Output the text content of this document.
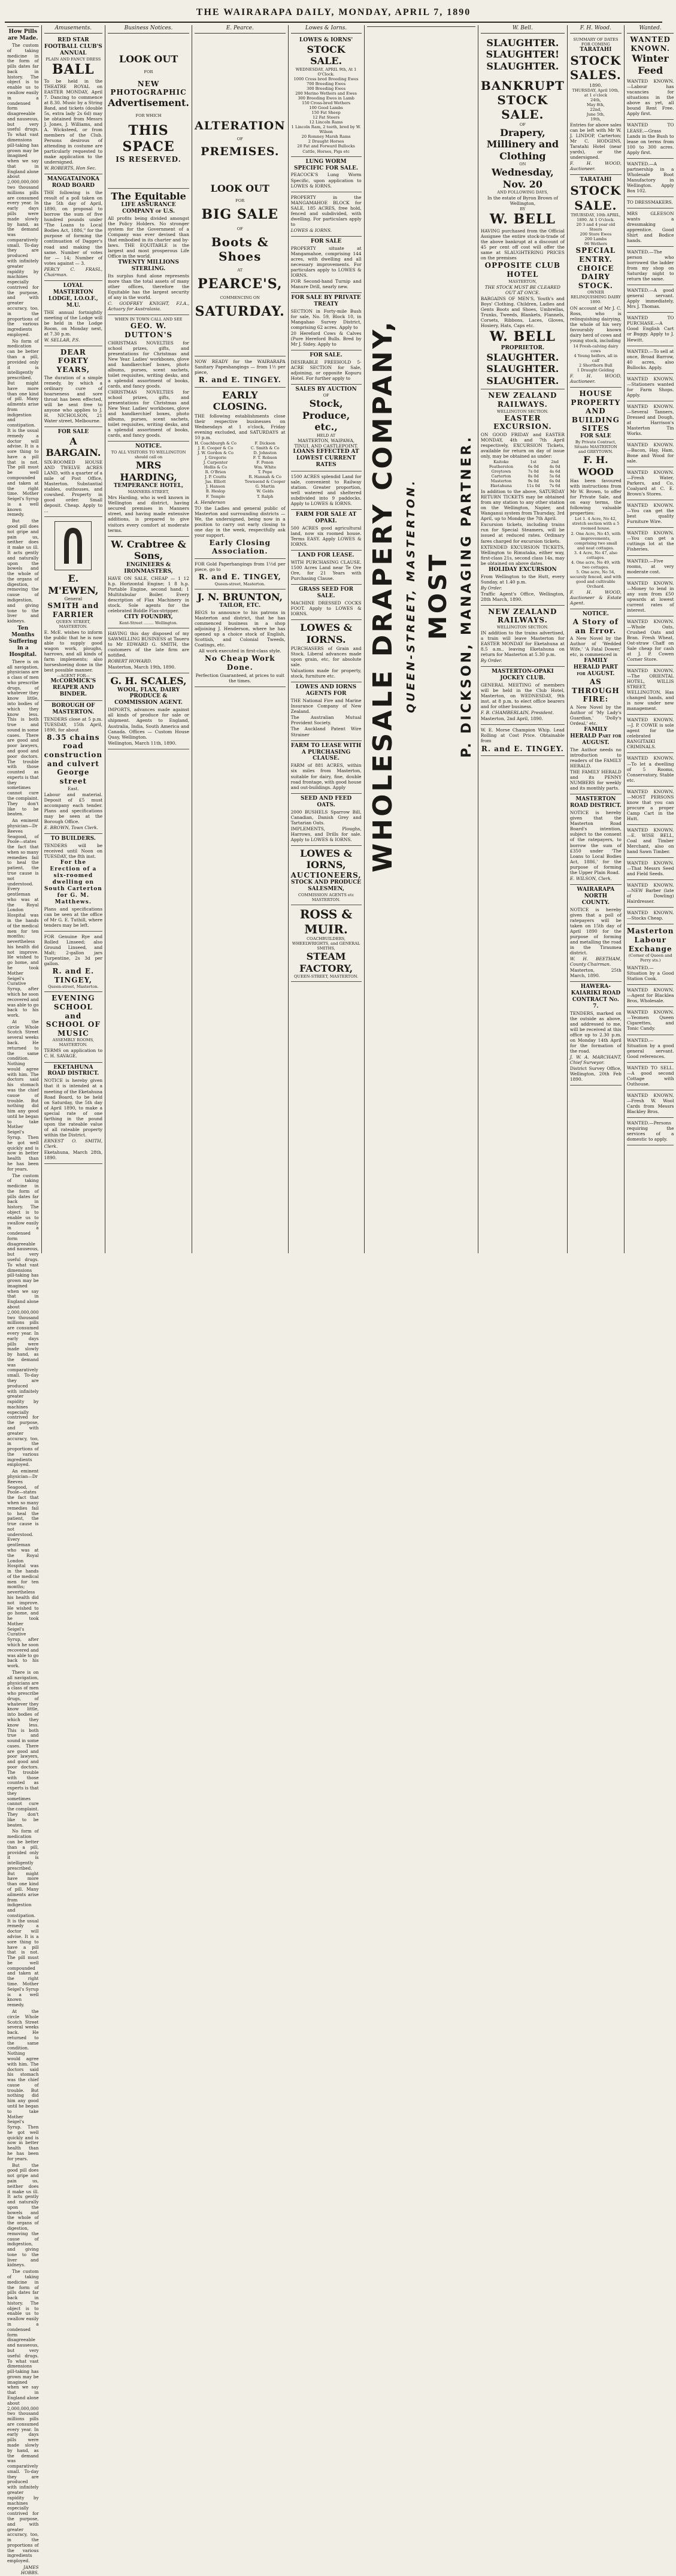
THE WAIRARAPA DAILY, MONDAY, APRIL 7, 1890
How Pills are Made.

The custom of taking medicine in the form of pills dates far back in history. The object is to enable us to swallow easily in a condensed form disagreeable and nauseous, but very useful drugs. To what vast dimensions pill-taking has grown may be imagined when we say that in England alone about 2,000,000,000 two thousand millions pills are consumed every year. In early days pills were made slowly by hand, as the demand was comparatively small. To-day they are produced with infinitely greater rapidity by machines especially contrived for the purpose, and with greater accuracy, too, in the proportions of the various ingredients employed.

No form of medication can be better than a pill, provided only it is intelligently prescribed. But might have more than one kind of pill. Many ailments arise from indigestion and constipation. It is the usual remedy a doctor will advise. It is a sore thing to have a pill that is not. The pill must be well compounded and taken at the right time. Mother Seigel's Syrup is a well known remedy.

But the good pill does not gripe and pain us, neither does it make us ill. It acts gently and naturally upon the bowels and the whole of the organs of digestion, removing the cause of indigestion, and giving tone to the liver and kidneys.

Ten Months Suffering in a Hospital.

There is on all navigation, physicians are a class of men who prescribe drugs, of whatever they know little, into bodies of which they know less. This is both true and sound in some cases. There are good and poor lawyers, and good and poor doctors. The trouble with those counted as experts is that they sometimes cannot cure the complaint. They don't like to be beaten.

An eminent physician—Dr Reeves Seagood, of Poole—states the fact that when so many remedies fail to heal the patient, the true cause is not understood. Every gentleman who was at the Royal London Hospital was in the hands of the medical men for ten months; nevertheless his health did not improve. He wished to go home, and he took Mother Seigel's Curative Syrup, after which he soon recovered and was able to go back to his work.

At the circle Whole Scotch Street several weeks back. He returned to the same condition. Nothing would agree with him. The doctors said his stomach was the chief cause of trouble. But nothing did him any good until he began to take Mother Seigel's Syrup. Then he got well quickly and is now in better health than he has been for years.

The custom of taking medicine in the form of pills dates far back in history. The object is to enable us to swallow easily in a condensed form disagreeable and nauseous, but very useful drugs. To what vast dimensions pill-taking has grown may be imagined when we say that in England alone about 2,000,000,000 two thousand millions pills are consumed every year. In early days pills were made slowly by hand, as the demand was comparatively small. To-day they are produced with infinitely greater rapidity by machines especially contrived for the purpose, and with greater accuracy, too, in the proportions of the various ingredients employed.

An eminent physician—Dr Reeves Seagood, of Poole—states the fact that when so many remedies fail to heal the patient, the true cause is not understood. Every gentleman who was at the Royal London Hospital was in the hands of the medical men for ten months; nevertheless his health did not improve. He wished to go home, and he took Mother Seigel's Curative Syrup, after which he soon recovered and was able to go back to his work.

There is on all navigation, physicians are a class of men who prescribe drugs, of whatever they know little, into bodies of which they know less. This is both true and sound in some cases. There are good and poor lawyers, and good and poor doctors. The trouble with those counted as experts is that they sometimes cannot cure the complaint. They don't like to be beaten.

No form of medication can be better than a pill, provided only it is intelligently prescribed. But might have more than one kind of pill. Many ailments arise from indigestion and constipation. It is the usual remedy a doctor will advise. It is a sore thing to have a pill that is not. The pill must be well compounded and taken at the right time. Mother Seigel's Syrup is a well known remedy.

At the circle Whole Scotch Street several weeks back. He returned to the same condition. Nothing would agree with him. The doctors said his stomach was the chief cause of trouble. But nothing did him any good until he began to take Mother Seigel's Syrup. Then he got well quickly and is now in better health than he has been for years.

But the good pill does not gripe and pain us, neither does it make us ill. It acts gently and naturally upon the bowels and the whole of the organs of digestion, removing the cause of indigestion, and giving tone to the liver and kidneys.

The custom of taking medicine in the form of pills dates far back in history. The object is to enable us to swallow easily in a condensed form disagreeable and nauseous, but very useful drugs. To what vast dimensions pill-taking has grown may be imagined when we say that in England alone about 2,000,000,000 two thousand millions pills are consumed every year. In early days pills were made slowly by hand, as the demand was comparatively small. To-day they are produced with infinitely greater rapidity by machines especially contrived for the purpose, and with greater accuracy, too, in the proportions of the various ingredients employed.

JAMES HOBBS.

Amusements.
RED STAR FOOTBALL CLUB'S ANNUAL
PLAIN AND FANCY DRESS
BALL

To be held in the THEATRE ROYAL on EASTER MONDAY, April 7. Dancing to commence at 8.30. Music by a String Band, and tickets (double 5s, extra lady 2s 6d) may be obtained from Messrs J. Jones, J. Williams, and A. Wicksteed, or from members of the Club. Persons desirous of attending in costume are particularly requested to make application to the undersigned.

W. ROBERTS, Hon Sec.

MANGATAINOKA ROAD BOARD

THE following is the result of a poll taken on the 5th day of April, 1890, on proposal to borrow the sum of five hundred pounds under "The Loans to Local Bodies Act, 1886," for the purpose of forming the continuation of Dagger's road and making the same. Number of votes for — 14; Number of votes against — 3.

PERCY C. FRASL, Chairman.

LOYAL MASTERTON LODGE, I.O.O.F., M.U.

THE annual fortnightly meeting of the Lodge will be held in the Lodge Room, on Monday next, at 7.30 p.m.

W. SELLAR, P.S.

DEAR FORTY YEARS,

The duration of a simple remedy, by which a ordinary cure of hoarseness and sore throat has been effected, will be sent free to anyone who applies to J. H. NICHOLSON, 21 Water street, Melbourne.

FOR SALE
A BARGAIN.

SIX-ROOMED HOUSE AND TWELVE ACRES LAND, with a quarter of a mile of Post Office, Masterton. Substantial stables, outhouses, and cowshed. Property in good order. Small deposit. Cheap. Apply to ...

E. M'EWEN,
General
SMITH and FARRIER
QUEEN STREET, MASTERTON.

E. McE. wishes to inform the public that he is now able to supply good wagon work, ploughs, harrows, and all kinds of farm implements; also horseshoeing done in the best possible manner.

—AGENT FOR—
McCORMICK'S REAPER AND BINDER.
BOROUGH OF MASTERTON.

TENDERS close at 5 p.m. TUESDAY, 15th April, 1890, for about

8.35 chains road construction and culvert George street
East.

Labour and material. Deposit of £5 must accompany each tender. Plans and specifications may be seen at the Borough Office.

E. BROWN, Town Clerk.

TO BUILDERS.

TENDERS will be received until Noon on TUESDAY, the 8th inst.

For the Erection of a six-roomed dwelling on South Carterton for G. M. Matthews.

Plans and specifications can be seen at the office of Mr G. E. Tuthill, where tenders may be left.

FOR Genuine Rye and Rolled Linseed; also Ground Linseed, and Malt; 2-gallon jars Turpentine, 2s 3d per gallon.

R. and E. TINGEY,
Queen-street, Masterton.
EVENING SCHOOL and SCHOOL OF MUSIC
ASSEMBLY ROOMS, MASTERTON.

TERMS on application to C. H. SAVAGE.

EKETAHUNA ROAD DISTRICT.

NOTICE is hereby given that it is intended at a meeting of the Eketahuna Road Board, to be held on Saturday, the 5th day of April 1890, to make a special rate of one farthing in the pound upon the rateable value of all rateable property within the District.

ERNEST O. SMITH, Clerk.

Eketahuna, March 28th, 1890.

Business Notices.
LOOK OUT
FOR
NEW PHOTOGRAPHIC
Advertisement.
FOR WHICH
THIS SPACE
IS RESERVED.
The Equitable
LIFE ASSURANCE COMPANY of U.S.

All profits being divided amongst the Policy Holders. No stronger system for the Government of a Company was ever devised than that embodied in its charter and by-laws. THE EQUITABLE is the largest and most prosperous Life Office in the world.

TWENTY MILLIONS STERLING.

Its surplus fund alone represents more than the total assets of many other offices, therefore the Equitable has the largest security of any in the world.

C. GODFREY KNIGHT, F.I.A., Actuary for Australasia.

WHEN IN TOWN CALL AND SEE
GEO. W. DUTTON'S

CHRISTMAS NOVELTIES for school prizes, gifts, and presentations for Christmas and New Year. Ladies' workboxes, glove and handkerchief boxes, photo albums, purses, scent sachets, toilet requisites, writing desks, and a splendid assortment of books, cards, and fancy goods.

CHRISTMAS NOVELTIES for school prizes, gifts, and presentations for Christmas and New Year. Ladies' workboxes, glove and handkerchief boxes, photo albums, purses, scent sachets, toilet requisites, writing desks, and a splendid assortment of books, cards, and fancy goods.

NOTICE.
TO ALL VISITORS TO WELLINGTON should call on
MRS HARDING,
TEMPERANCE HOTEL,
MANNERS-STREET,

Mrs Harding, who is well known in Wellington and district, having secured premises in Manners street, and having made extensive additions, is prepared to give visitors every comfort at moderate terms.

W. Crabtree & Sons,
ENGINEERS & IRONMASTERS,

HAVE ON SALE, CHEAP — 1 12 h.p. Horizontal Engine; 1 8 h.p. Portable Engine, second hand; 1 Multitubular Boiler. Every description of Flax Machinery in stock. Sole agents for the celebrated Biddle Flax-stripper.

CITY FOUNDRY,
Kent-Street ........ Wellington.

HAVING this day disposed of my SAWMILLING BUSINESS at Taueru to Mr EDWARD G. SMITH, the customers of the late firm are notified.

ROBERT HOWARD.

Masterton, March 19th, 1890.

G. H. SCALES,
WOOL, FLAX, DAIRY PRODUCE & COMMISSION AGENT.

IMPORTS, advances made against all kinds of produce for sale or shipment. Agents to England, Australia, India, South America and Canada. Offices — Custom House Quay, Wellington.

Wellington, March 11th, 1890.

E. Pearce.
ALTERATION
OF
PREMISES.
LOOK OUT
FOR
BIG SALE
OF
Boots & Shoes
AT
PEARCE'S,
COMMENCING ON
SATURDAY.

NOW READY for the WAIRARAPA Sanitary Papeshangings — from 1½ per piece,

R. and E. TINGEY.
EARLY CLOSING.

THE following establishments close their respective businesses on Wednesdays at 1 o'clock, Friday evening excluded, and SATURDAYS at 10 p.m.

H. Coachburgh & Co
J. E. Cooper & Co
J. W. Gordon & Co
J. Gregorie
J. Carpenter
Hollis & Co
R. O'Brien
J. P. Coutts
Jas. Elliott
J. Hanson
B. Heslop
F. Temple
F. Dickson
C. Smith & Co
D. Johnston
F. T. Robson
F. Ponon
Wm. White
T. Pope
R. Hannah & Co
Townsend & Cooper
G. Martin
W. Gelds
T. Ralph

A. Henderson

TO the Ladies and general public of Masterton and surrounding districts — We, the undersigned, being now in a position to carry out early closing to one day in the week, respectfully ask your support.

Early Closing Association.

FOR Gold Paperhangings from 1½d per piece, go to

R. and E. TINGEY,
Queen-street, Masterton.
J. N. BRUNTON,
TAILOR, ETC.

BEGS to announce to his patrons in Masterton and district, that he has commenced business in a shop adjoining J. Henderson, where he has opened up a choice stock of English, Scottish, and Colonial Tweeds, Coatings, etc.

All work executed in first-class style.

No Cheap Work Done.

Perfection Guaranteed, at prices to suit the times.

Lowes & Iorns.
LOWES & IORNS'
STOCK SALE.
WEDNESDAY, APRIL 9th, At 1 O'Clock.
1000 Cross bred Breeding Ewes
700 Breeding Ewes
300 Breeding Ewes
200 Merino Wethers and Ewes
300 Breeding Ewes in Lamb
150 Cross-bred Wethers
100 Good Lambs
150 Fat Sheep
12 Fat Steers
12 Lincoln Rams
1 Lincoln Ram, 2 teeth, bred by W. Wilson
20 Romney Marsh Rams
2 Draught Horses
20 Fat and Forward Bullocks
Cattle, Horses, Pigs etc
LUNG WORM SPECIFIC FOR SALE.

PEACOCK'S Lung Worm Specific, upon application to LOWES & IORNS.

PROPERTY in the MANGAMAHOE BLOCK for SALE, 185 ACRES, free hold, fenced and subdivided, with dwelling. For particulars apply to

LOWES & IORNS.

FOR SALE

PROPERTY situate at Mangamahoe, comprising 144 acres, with dwelling and all necessary improvements. For particulars apply to LOWES & IORNS.

FOR Second-hand Turnip and Manure Drill, nearly new.

FOR SALE BY PRIVATE TREATY

SECTION in Forty-mile Bush for sale, No. 59, Block 10, in Mangahao Survey District, comprising 62 acres. Apply to

20 Hereford Cows & Calves (Pure Hereford Bulls. Bred by Mr J. Sidey. Apply to

FOR SALE.

DESIRABLE FREEHOLD 5-ACRE SECTION for Sale, adjoining, or opposite Kopuru Hotel. For further apply to

SALES BY AUCTION
OF
Stock, Produce, etc.,
HELD AT
MASTERTON, WAIPAWA, TINUI, AND CASTLEPOINT.
LOANS EFFECTED AT LOWEST CURRENT RATES

1500 ACRES splendid Land for sale, convenient to Railway station. Greater proportion, well watered and sheltered subdivided into 9 paddocks. Apply to LOWES & IORNS.

FARM FOR SALE AT OPAKI.

500 ACRES good agricultural land, now six roomed house. Terms EASY. Apply LOWES & IORNS.

LAND FOR LEASE.

WITH PURCHASING CLAUSE. 1500 Acres Land near Te Ore Ore, for 21 Years with Purchasing Clause.

GRASS SEED FOR SALE.

MACHINE DRESSED COCKS FOOT. Apply to LOWES & IORNS.

LOWES & IORNS.

PURCHASERS of Grain and Stock. Liberal advances made upon grain, etc, for absolute sale.

Valuations made for property, stock, furniture etc.

LOWES AND IORNS AGENTS FOR

THE National Fire and Marine Insurance Company of New Zealand.

The Australian Mutual Provident Society.

The Auckland Patent Wire Strainer

FARM TO LEASE WITH A PURCHASING CLAUSE.

FARM of 881 ACRES, within six miles from Masterton, suitable for dairy, fine, double road frontage, with good house and out-buildings. Apply

SEED AND FEED OATS.

2000 BUSHELS Sparrow Bill, Canadian, Danish Grey and Tartarian Oats.

IMPLEMENTS, Ploughs, Harrows, and Drills for sale. Apply to LOWES & IORNS.

LOWES & IORNS,
AUCTIONEERS,
STOCK AND PRODUCE SALESMEN,
COMMISSION AGENTS etc MASTERTON.
ROSS & MUIR.
COACHBUILDERS, WHEELWRIGHTS, and GENERAL SMITHS,
STEAM FACTORY,
QUEEN-STREET, MASTERTON.
WHOLESALE DRAPERY COMPANY, QUEEN-STREET, MASTERTON. MOST P. DICKSON, MANAGING PARTNER.
W. Bell.
SLAUGHTER.
SLAUGHTER!
SLAUGHTER.
BANKRUPT
STOCK SALE.
OF
Drapery, Millinery and Clothing
ON
Wednesday, Nov. 20
AND FOLLOWING DAYS,

In the estate of Byron Brown of Wellington,

BY
W. BELL

HAVING purchased from the Official Assignee the entire stock-in-trade of the above bankrupt at a discount of 45 per cent off cost will offer the same at SLAUGHTERING PRICES on the premises

OPPOSITE CLUB HOTEL
MASTERTON,

THE STOCK MUST BE CLEARED OUT AT ONCE.

BARGAINS OF MEN'S, Youth's and Boys' Clothing. Children, Ladies and Gents Boots and Shoes, Umbrellas, Trunks, Tweeds, Blankets, Flannels, Corsets, Ribbons, Laces, Gloves, Hosiery, Hats, Caps etc.

W. BELL
PROPRIETOR.
SLAUGHTER.
SLAUGHTER.
SLAUGHTER.
NEW ZEALAND RAILWAYS.
WELLINGTON SECTION.
EASTER EXCURSION.

ON GOOD FRIDAY and EASTER MONDAY, 4th and 7th April respectively, EXCURSION Tickets, available for return on day of issue only, may be obtained as under:

Kaitoke	1st	2nd
Featherston	6s 0d	4s 0d
Greytown	7s 0d	4s 6d
Carterton	8s 0d	5s 6d
Masterton	9s 0d	6s 0d
Eketahuna	11s 0d	7s 6d

In addition to the above, SATURDAY RETURN TICKETS may be obtained from any station to any other station on the Wellington, Napier, and Wanganui system from Thursday, 3rd April, up to Monday the 7th April.

Excursion tickets, including trains run for Special Steamers, will be issued at reduced rates. Ordinary fares charged for excursion tickets.

EXTENDED EXCURSION TICKETS, Wellington to Rimutaka, either way, first-class 21s, second class 14s, may be obtained on above dates.

HOLIDAY EXCURSION

From Wellington to the Hutt, every Sunday, at 1.40 p.m.

By Order.

Traffic Agent's Office, Wellington, 28th March, 1890.

NEW ZEALAND RAILWAYS.
WELLINGTON SECTION.

IN addition to the trains advertised, a train will leave Masterton for EASTER MONDAY for Eketahuna at 8.5 a.m., leaving Eketahuna on return for Masterton at 5.30 p.m.

By Order.

MASTERTON-OPAKI JOCKEY CLUB.

GENERAL MEETING of members will be held in the Club Hotel, Masterton, on WEDNESDAY, 9th inst. at 8 p.m. to elect office bearers and for other business.

F. B. CHAMBERLAIN, President.

Masterton, 2nd April, 1890.

W. E. Morse Champion Whip. Lead Rolling at Cost Price. Obtainable from

R. and E. TINGEY.
F. H. Wood.
SUMMARY OF DATES FOR COMING
TARATAHI
STOCK SALES.
1890.
THURSDAY, April 10th, at 1 o'clock
24th,
May 8th,
22nd,
June 5th,
19th,

Entries for above sales can be left with Mr W. J. LINDOP, Carterton; Mr C. HODGINS, Taratahi Hotel (near yards), or the undersigned.

F. H. WOOD, Auctioneer.

TARATAHI
STOCK SALE.
THURSDAY, 10th APRIL, 1890. At 1 O'clock.
20 3 and 4 year old Steers
200 Store Ewes
200 Lambs
96 Wethers
SPECIAL ENTRY.
CHOICE DAIRY STOCK.
OWNER RELINQUISHING DAIRY 1890.

ON account of Mr J. C. Ross, who is relinquishing dairying, the whole of his very favourably known dairy herd of cows and young stock, including

14 Fresh-calving dairy cows
4 Young heifers, all in calf
2 Shorthorn Bull
1 Draught Gelding

F. H. WOOD, Auctioneer.

HOUSE PROPERTY AND BUILDING SITES
FOR SALE
By Private Contract, Situate MASTERTON and GREYTOWN.
F. H. WOOD

Has been favoured with instructions from Mr W. Brown, to offer for Private Sale, and on easy terms, the following valuable properties:

Lot 1. 4 Acre, No 42, stretch section with a 5 roomed house.
2. One Acre, No 45, with improvements, comprising two small and neat cottages.
3. 4 Acre, No 47, also cottages.
4. One acre, No 49, with two cottages.
5. One acre, No 54, securely fenced, and with good and cultivable Orchard.

F. H. WOOD, Auctioneer & Estate Agent.

NOTICE.
A Story of an Error.

A New Novel by the Author of 'Wedded Wife,' 'A Fatal Dower,' etc, is commenced in

FAMILY HERALD PART for AUGUST.
AS THROUGH FIRE:

A New Novel by the Author of 'My Lady's Guardian,' 'Dolly's Ordeal,' etc.

FAMILY HERALD Part for AUGUST.

The Author needs no introduction to readers of the FAMILY HERALD.

THE FAMILY HERALD and its PENNY NUMBERS for weekly and its monthly parts.

MASTERTON ROAD DISTRICT.

NOTICE is hereby given that the Masterton Road Board's intention, subject to the consent of the ratepayers, to borrow the sum of £350 under 'The Loans to Local Bodies Act, 1886,' for the purpose of forming the Upper Plain Road.

E. WILSON, Clerk.

WAIRARAPA NORTH COUNTY.

NOTICE is hereby given that a poll of ratepayers will be taken on 15th day of April 1890 for the purpose of forming and metalling the road in the Tiraumea district.

W. H. BEETHAM, County Chairman.

Masterton, 25th March, 1890.

HAWERA-KAIARIKI ROAD CONTRACT No. 7.

TENDERS, marked on the outside as above, and addressed to me, will be received at this office up to 2.30 p.m. on Monday 14th April for the formation of the road.

J. W. A. MARCHANT, Chief Surveyor.

District Survey Office, Wellington, 20th Feb 1890.

Wanted.
WANTED KNOWN.
Winter Feed

WANTED KNOWN.—Labour has vacancies for situations in the above as yet, all bound Rent Free. Apply first.

WANTED TO LEASE.—Grass Lands in the Bush to lease on terms from 100 to 300 acres. Apply first.

WANTED.—A partnership in a Wholesale Boot Manufactory in Wellington. Apply Box 102.

TO DRESSMAKERS.

MRS GLEESON wants a dressmaking apprentice. Good Shirt and Bodice hands.

WANTED.—The person who borrowed the ladder from my shop on Saturday night to return the same.

WANTED.—A good general servant. Apply immediately, Mrs J. Thomas.

WANTED TO PURCHASE.—A Good English Cart or Buggy. Apply to J. Hewitt.

WANTED.—To sell at once, Broad Barrow, 40 acres, also Bullocks. Apply.

WANTED KNOWN.—Stationers wanted for Farm Shops. Apply.

WANTED KNOWN.—Several Tanners, Dressed and Dough, at Harrison's Masterton Tin Works.

WANTED KNOWN.—Bacon, Hay, Ham, Bone and Wood for sale.

WANTED KNOWN.—Fresh Water, Parkers, and Co, Coalyard at C. E. Brown's Stores.

WANTED KNOWN.—You can get the best quality Furniture Wire.

WANTED KNOWN.—You can get a cuttings lot at the Fisheries.

WANTED.—Five rooms, at very moderate cost.

WANTED KNOWN.—Money to lend in any sum from £50 upwards at lowest current rates of interest.

WANTED KNOWN.—Whole Oats, Crushed Oats and Bran. Fresh Wheat, Oat-straw Chaff on Sale cheap for cash at J. P. Cowen Corner Store.

WANTED KNOWN.—The ORIENTAL HOTEL, WILLIS STREET, WELLINGTON, Has changed hands, and is now under new management.

WANTED KNOWN.—J. P. COWIE is sole agent for the celebrated RANGITAIKI CRIMINALS.

WANTED KNOWN.—To let a dwelling of 5 Rooms, Conservatory, Stable etc.

WANTED KNOWN.—MOST PERSONS know that you can procure a proper Camp Cart in the Hutt.

WANTED KNOWN.—E. WISE BELL, Coal and Timber Merchant, also on hand Sawn Timber.

WANTED KNOWN.—That Messrs Seed and Field Seeds.

WANTED KNOWN.—NEW Barber (late of Dowling) Hairdresser.

WANTED KNOWN.—Stocks Cheap.

Masterton Labour Exchange
(Corner of Queen and Perry sts.)

WANTED.—Situation by a Good Station Cook.

WANTED KNOWN.—Agent for Blacklea Bros, Wholesale.

WANTED KNOWN.—Yeomen Queen Cigarettes, and Tonic Candy.

WANTED.—Situation by a good general servant. Good references.

WANTED TO SELL.—A good second Cottage with Outhouse.

WANTED KNOWN.—Fresh W. Wool Cards from Messrs Blackley Bros.

WANTED.—Persons requiring the services of a domestic to apply.
